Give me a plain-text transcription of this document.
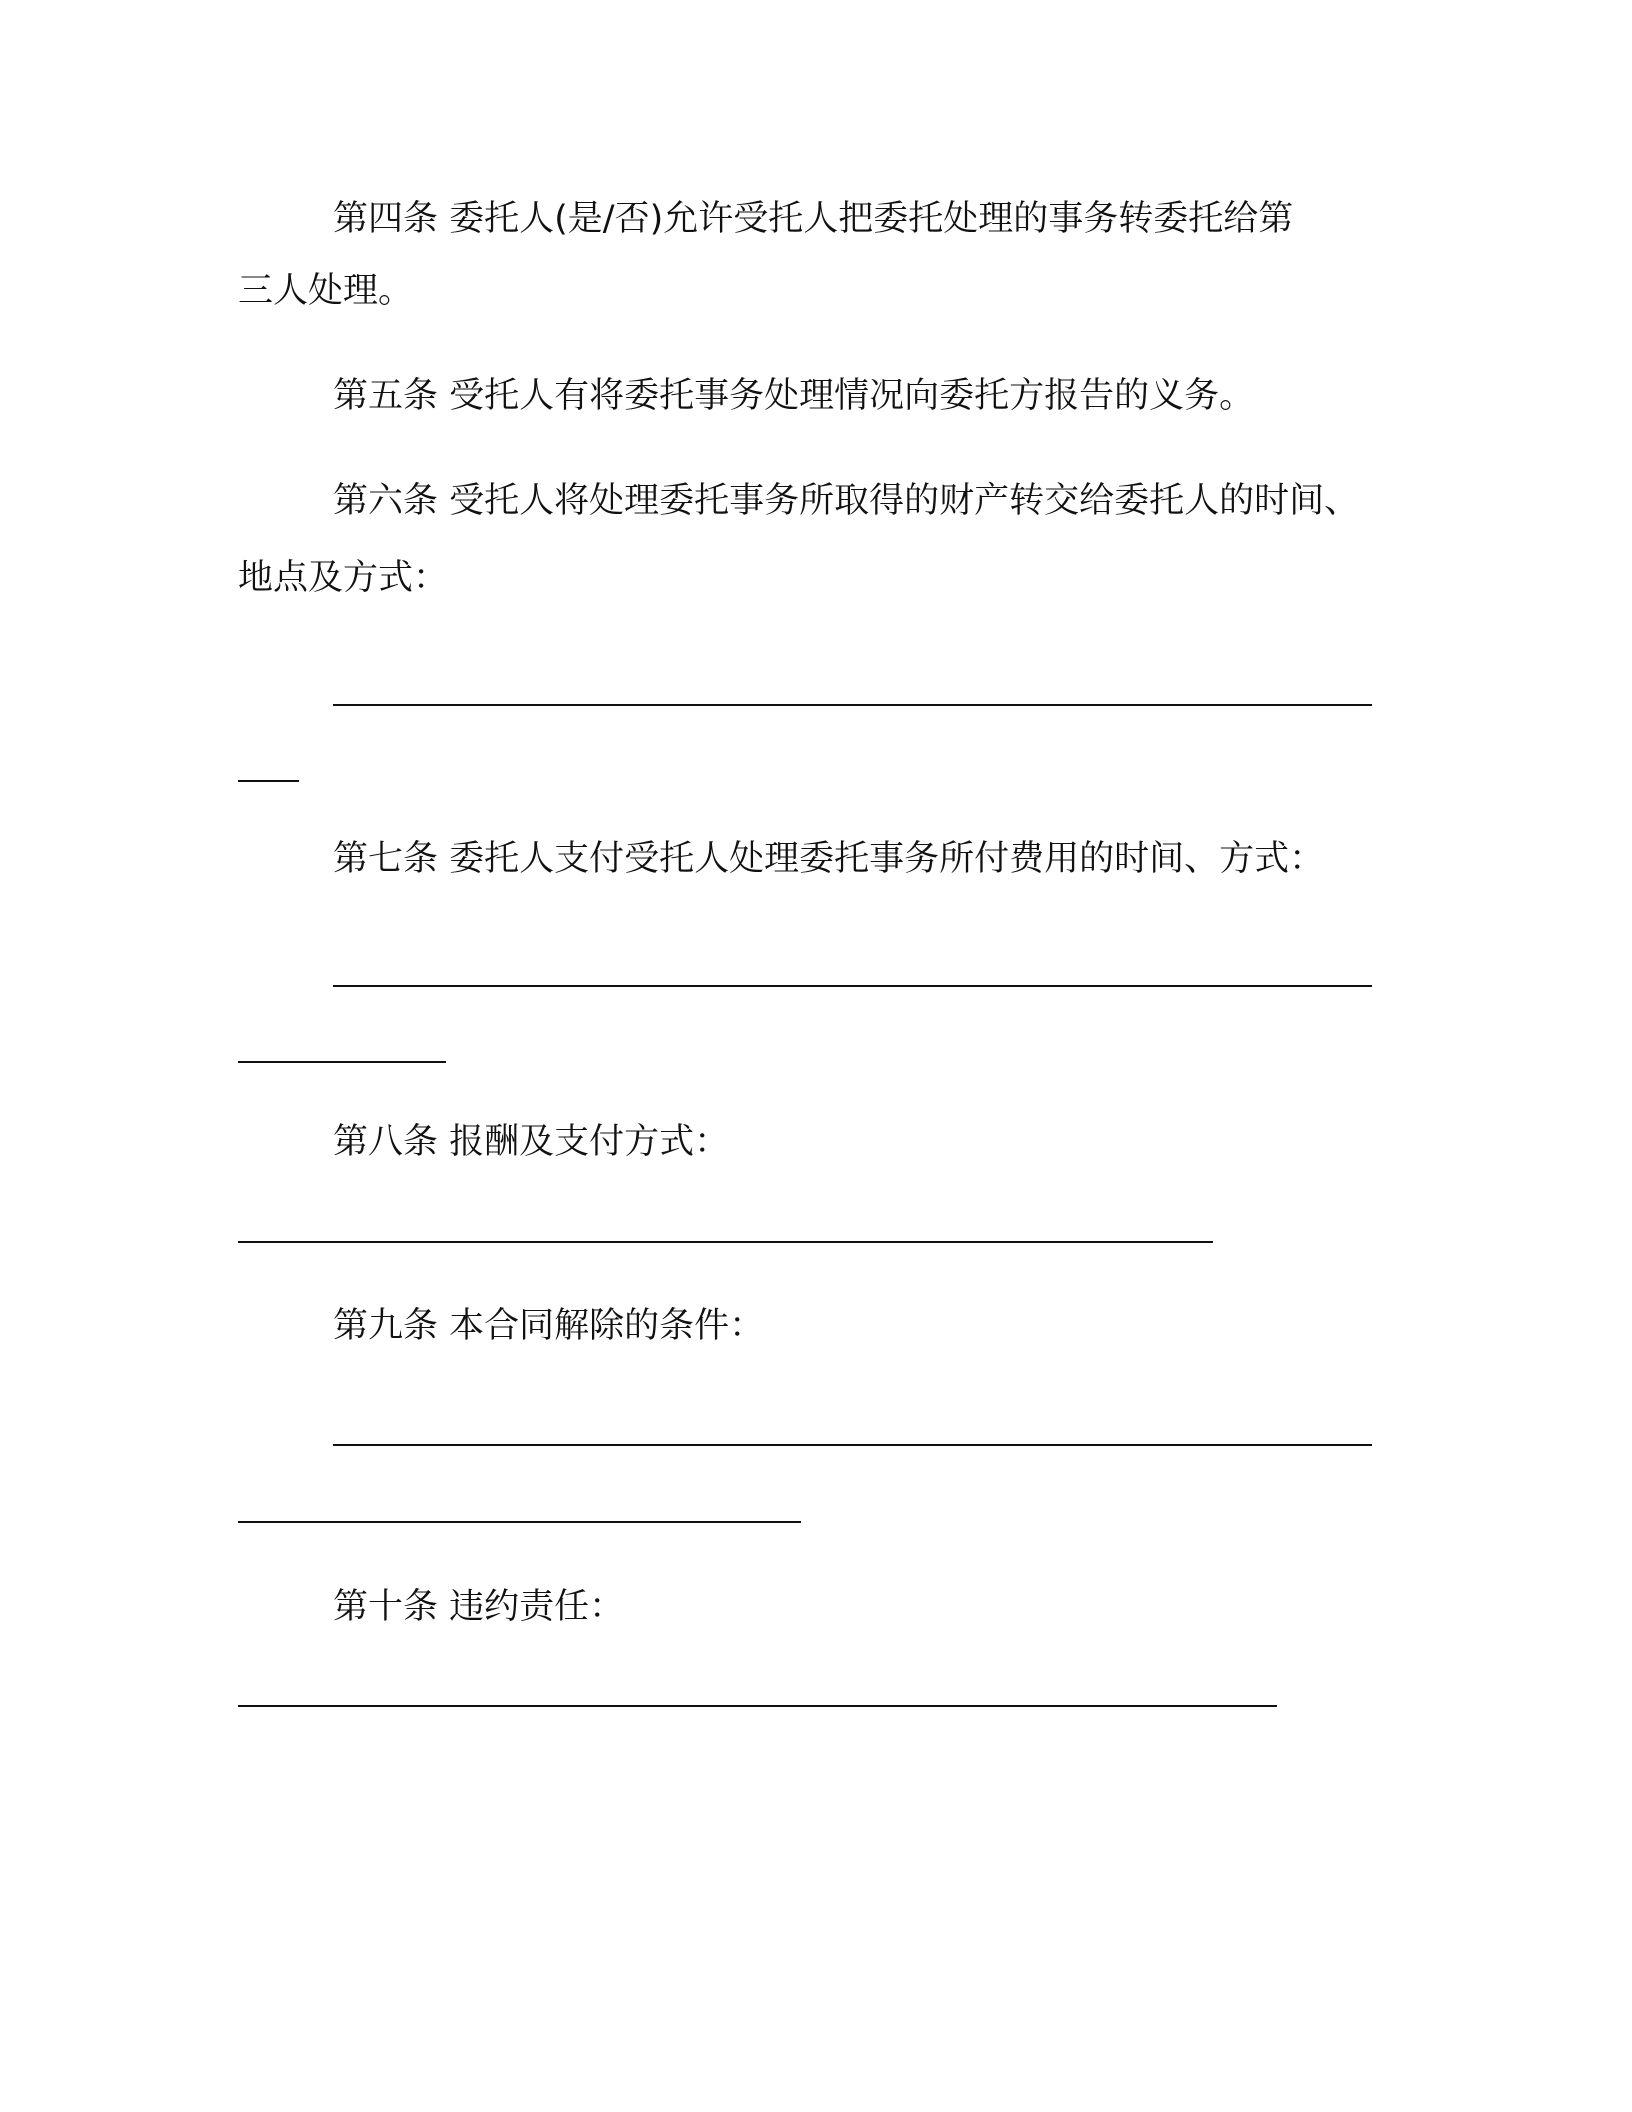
第四条 委托人(是/否)允许受托人把委托处理的事务转委托给第
三人处理。
第五条 受托人有将委托事务处理情况向委托方报告的义务。
第六条 受托人将处理委托事务所取得的财产转交给委托人的时间、
地点及方式：
第七条 委托人支付受托人处理委托事务所付费用的时间、方式：
第八条 报酬及支付方式：
第九条 本合同解除的条件：
第十条 违约责任：
